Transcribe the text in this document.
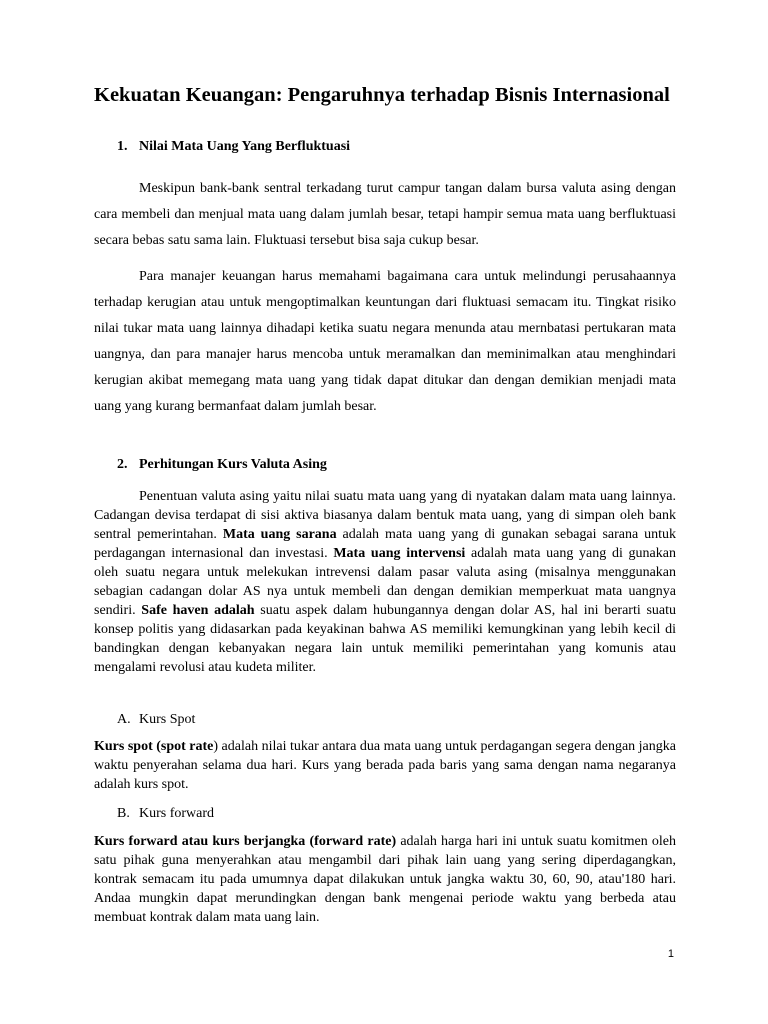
Kekuatan Keuangan: Pengaruhnya terhadap Bisnis Internasional

1. Nilai Mata Uang Yang Berfluktuasi

Meskipun bank-bank sentral terkadang turut campur tangan dalam bursa valuta asing dengan cara membeli dan menjual mata uang dalam jumlah besar, tetapi hampir semua mata uang berfluktuasi secara bebas satu sama lain. Fluktuasi tersebut bisa saja cukup besar.

Para manajer keuangan harus memahami bagaimana cara untuk melindungi perusahaannya terhadap kerugian atau untuk mengoptimalkan keuntungan dari fluktuasi semacam itu. Tingkat risiko nilai tukar mata uang lainnya dihadapi ketika suatu negara menunda atau mernbatasi pertukaran mata uangnya, dan para manajer harus mencoba untuk meramalkan dan meminimalkan atau menghindari kerugian akibat memegang mata uang yang tidak dapat ditukar dan dengan demikian menjadi mata uang yang kurang bermanfaat dalam jumlah besar.

2. Perhitungan Kurs Valuta Asing

Penentuan valuta asing yaitu nilai suatu mata uang yang di nyatakan dalam mata uang lainnya. Cadangan devisa terdapat di sisi aktiva biasanya dalam bentuk mata uang, yang di simpan oleh bank sentral pemerintahan. Mata uang sarana adalah mata uang yang di gunakan sebagai sarana untuk perdagangan internasional dan investasi. Mata uang intervensi adalah mata uang yang di gunakan oleh suatu negara untuk melekukan intrevensi dalam pasar valuta asing (misalnya menggunakan sebagian cadangan dolar AS nya untuk membeli dan dengan demikian memperkuat mata uangnya sendiri. Safe haven adalah suatu aspek dalam hubungannya dengan dolar AS, hal ini berarti suatu konsep politis yang didasarkan pada keyakinan bahwa AS memiliki kemungkinan yang lebih kecil di bandingkan dengan kebanyakan negara lain untuk memiliki pemerintahan yang komunis atau mengalami revolusi atau kudeta militer.

A. Kurs Spot

Kurs spot (spot rate) adalah nilai tukar antara dua mata uang untuk perdagangan segera dengan jangka waktu penyerahan selama dua hari. Kurs yang berada pada baris yang sama dengan nama negaranya adalah kurs spot.

B. Kurs forward

Kurs forward atau kurs berjangka (forward rate) adalah harga hari ini untuk suatu komitmen oleh satu pihak guna menyerahkan atau mengambil dari pihak lain uang yang sering diperdagangkan, kontrak semacam itu pada umumnya dapat dilakukan untuk jangka waktu 30, 60, 90, atau'180 hari. Andaa mungkin dapat merundingkan dengan bank mengenai periode waktu yang berbeda atau membuat kontrak dalam mata uang lain.

1
